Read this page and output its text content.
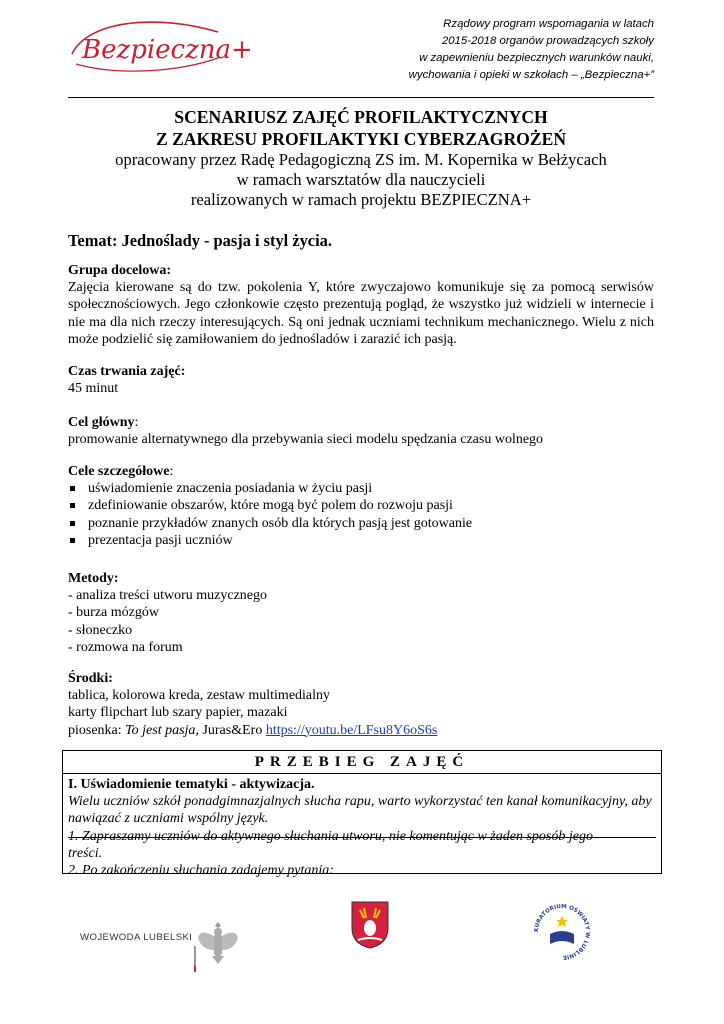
Bezpieczna+
Rządowy program wspomagania w latach
2015-2018 organów prowadzących szkoły
w zapewnieniu bezpiecznych warunków nauki,
wychowania i opieki w szkołach – „Bezpieczna+”
SCENARIUSZ ZAJĘĆ PROFILAKTYCZNYCH
Z ZAKRESU PROFILAKTYKI CYBERZAGROŻEŃ
opracowany przez Radę Pedagogiczną ZS im. M. Kopernika w Bełżycach
w ramach warsztatów dla nauczycieli
realizowanych w ramach projektu BEZPIECZNA+
Temat: Jednoślady - pasja i styl życia.
Grupa docelowa:
Zajęcia kierowane są do tzw. pokolenia Y, które zwyczajowo komunikuje się za pomocą serwisów społecznościowych. Jego członkowie często prezentują pogląd, że wszystko już widzieli w internecie i nie ma dla nich rzeczy interesujących. Są oni jednak uczniami technikum mechanicznego. Wielu z nich może podzielić się zamiłowaniem do jednośladów i zarazić ich pasją.
Czas trwania zajęć:
45 minut
Cel główny:
promowanie alternatywnego dla przebywania sieci modelu spędzania czasu wolnego
Cele szczegółowe:
uświadomienie znaczenia posiadania w życiu pasji
zdefiniowanie obszarów, które mogą być polem do rozwoju pasji
poznanie przykładów znanych osób dla których pasją jest gotowanie
prezentacja pasji uczniów
Metody:
- analiza treści utworu muzycznego
- burza mózgów
- słoneczko
- rozmowa na forum
Środki:
tablica, kolorowa kreda, zestaw multimedialny
karty flipchart lub szary papier, mazaki
piosenka: To jest pasja, Juras&Ero https://youtu.be/LFsu8Y6oS6s
PRZEBIEG ZAJĘĆ
I. Uświadomienie tematyki - aktywizacja.
Wielu uczniów szkół ponadgimnazjalnych słucha rapu, warto wykorzystać ten kanał komunikacyjny, aby nawiązać z uczniami wspólny język.
1. Zapraszamy uczniów do aktywnego słuchania utworu, nie komentując w żaden sposób jego
treści.
2. Po zakończeniu słuchania zadajemy pytania:
WOJEWODA LUBELSKI
KURATORIUM OŚWIATY W LUBLINIE
